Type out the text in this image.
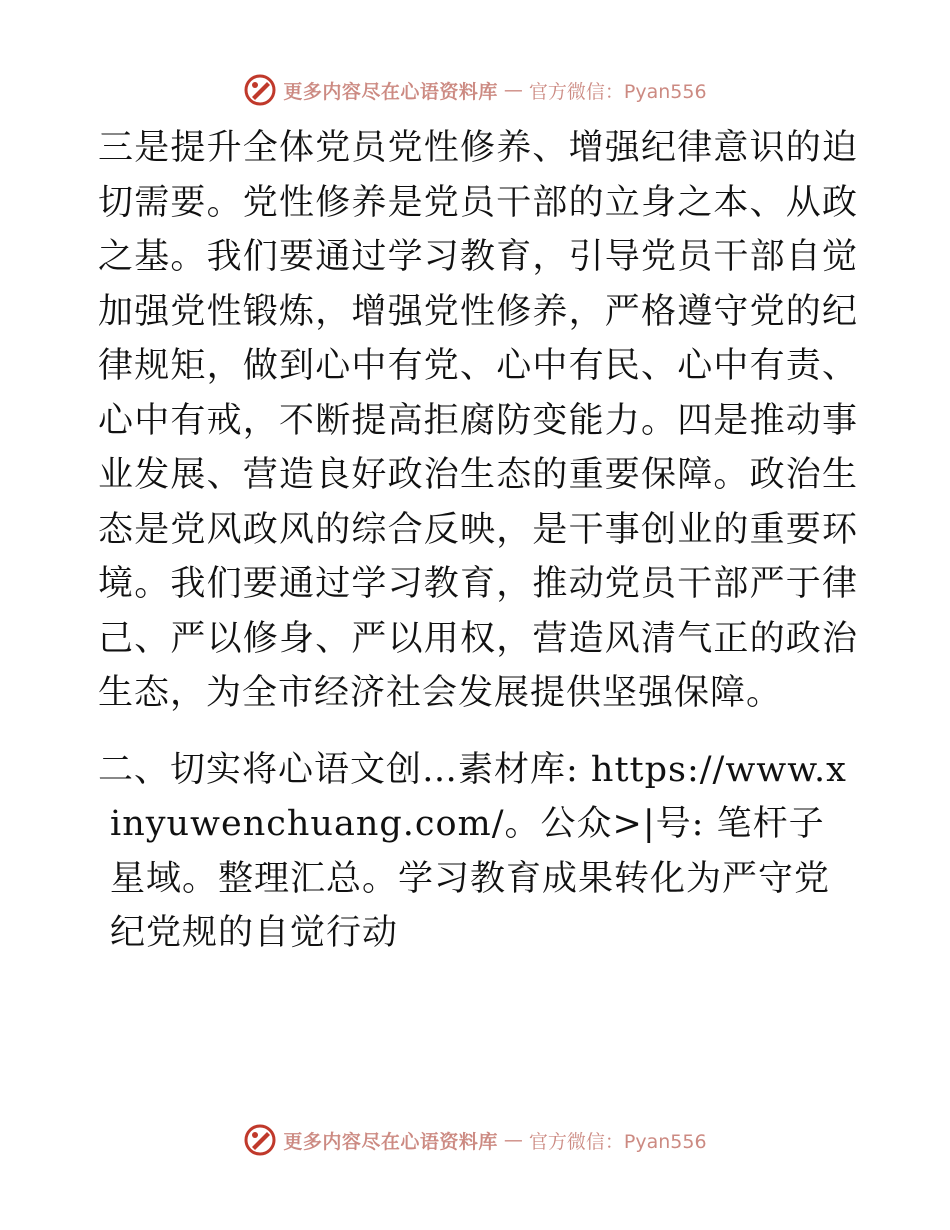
更多内容尽在心语资料库 — 官方微信：Pyan556

三是提升全体党员党性修养、增强纪律意识的迫切需要。党性修养是党员干部的立身之本、从政之基。我们要通过学习教育，引导党员干部自觉加强党性锻炼，增强党性修养，严格遵守党的纪律规矩，做到心中有党、心中有民、心中有责、心中有戒，不断提高拒腐防变能力。四是推动事业发展、营造良好政治生态的重要保障。政治生态是党风政风的综合反映，是干事创业的重要环境。我们要通过学习教育，推动党员干部严于律己、严以修身、严以用权，营造风清气正的政治生态，为全市经济社会发展提供坚强保障。

二、切实将心语文创…素材库: https://www.xinyuwenchuang.com/。公众>|号: 笔杆子星域。整理汇总。学习教育成果转化为严守党纪党规的自觉行动

更多内容尽在心语资料库 — 官方微信：Pyan556
